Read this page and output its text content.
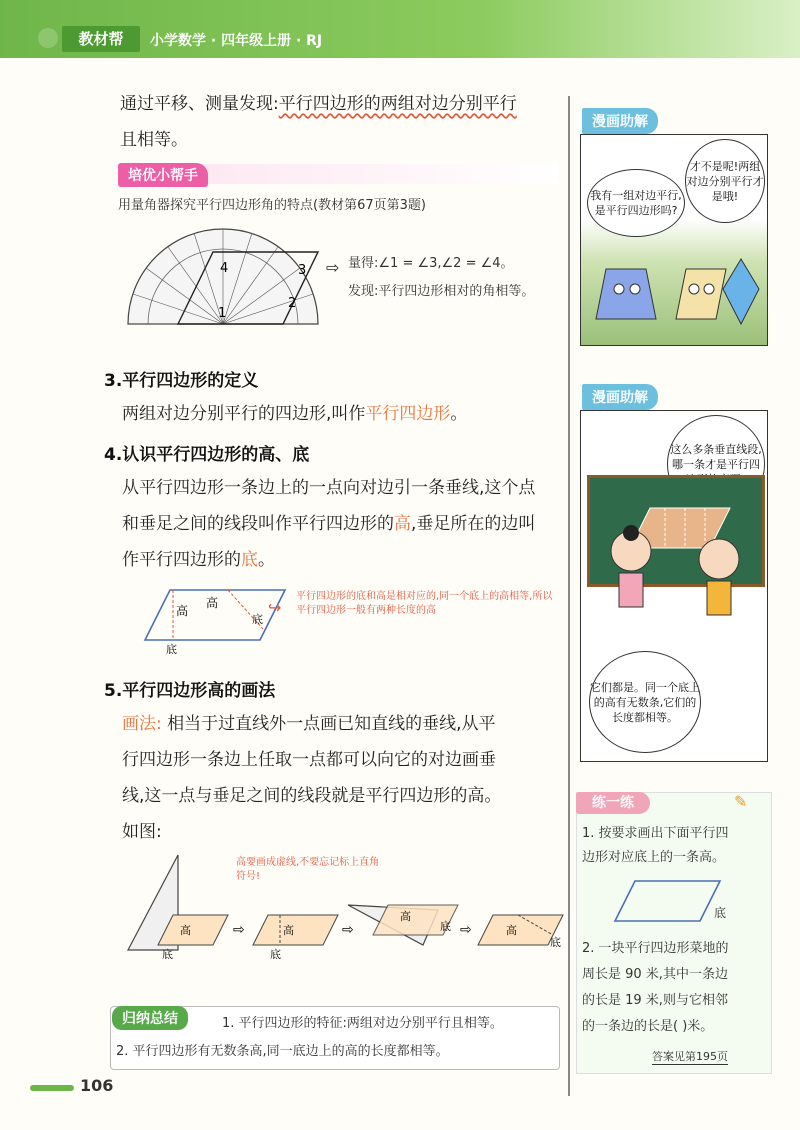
教材帮	小学数学 · 四年级上册 · RJ
通过平移、测量发现:平行四边形的两组对边分别平行
且相等。
培优小帮手
用量角器探究平行四边形角的特点(教材第67页第3题)
4	3
2
1
⇨ 量得:∠1 = ∠3,∠2 = ∠4。
发现:平行四边形相对的角相等。
3.平行四边形的定义
两组对边分别平行的四边形,叫作平行四边形。
4.认识平行四边形的高、底
从平行四边形一条边上的一点向对边引一条垂线,这个点
和垂足之间的线段叫作平行四边形的高,垂足所在的边叫
作平行四边形的底。
高
高
底
底
↪
平行四边形的底和高是相对应的,同一个底上的高相等,所以平行四边形一般有两种长度的高
5.平行四边形高的画法
画法: 相当于过直线外一点画已知直线的垂线,从平
行四边形一条边上任取一点都可以向它的对边画垂
线,这一点与垂足之间的线段就是平行四边形的高。
如图:
高要画成虚线,不要忘记标上直角符号!
高
底
⇨	高
底
⇨
高
底 ⇨	高
底
归纳总结	1. 平行四边形的特征:两组对边分别平行且相等。
2. 平行四边形有无数条高,同一底边上的高的长度都相等。
106
漫画助解
我有一组对边平行,是平行四边形吗?
才不是呢!两组对边分别平行才是哦!
漫画助解
这么多条垂直线段,哪一条才是平行四
它们都是。同一个底上的高有无数条,它们的长度都相等。
练一练	✎
1. 按要求画出下面平行四
边形对应底上的一条高。
底
2. 一块平行四边形菜地的
周长是 90 米,其中一条边
的长是 19 米,则与它相邻
的一条边的长是( )米。
答案见第195页
